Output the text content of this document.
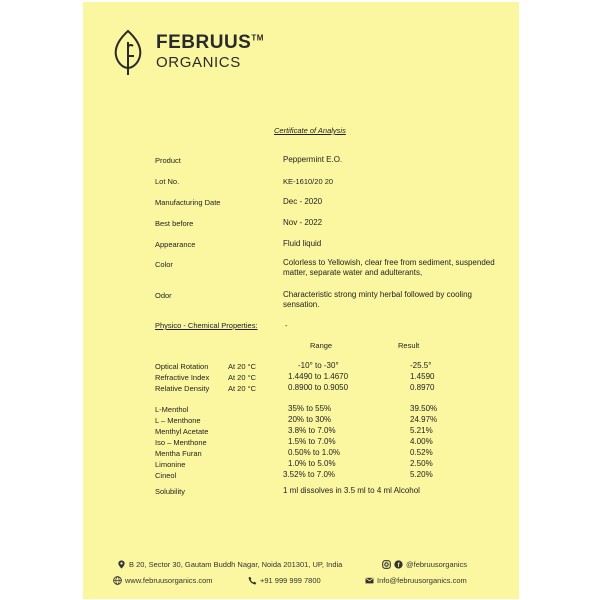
FEBRUUS™
ORGANICS
Certificate of Analysis
Product	Peppermint E.O.
Lot No.	KE-1610/20 20
Manufacturing Date	Dec - 2020
Best before	Nov - 2022
Appearance	Fluid liquid
Color	Colorless to Yellowish, clear free from sediment, suspended matter, separate water and adulterants,
Odor	Characteristic strong minty herbal followed by cooling sensation.
Physico - Chemical Properties:	-
Range	Result
Optical Rotation	At 20 °C	-10° to -30°	-25.5°
Refractive Index	At 20 °C	1.4490 to 1.4670	1.4590
Relative Density	At 20 °C	0.8900 to 0.9050	0.8970
L-Menthol	35% to 55%	39.50%
L – Menthone	20% to 30%	24.97%
Menthyl Acetate	3.8% to 7.0%	5.21%
Iso – Menthone	1.5% to 7.0%	4.00%
Mentha Furan	0.50% to 1.0%	0.52%
Limonine	1.0% to 5.0%	2.50%
Cineol	3.52% to 7.0%	5.20%
Solubility	1 ml dissolves in 3.5 ml to 4 ml Alcohol
B 20, Sector 30, Gautam Buddh Nagar, Noida 201301, UP, India	f @februusorganics
www.februusorganics.com	+91 999 999 7800	Info@februusorganics.com
